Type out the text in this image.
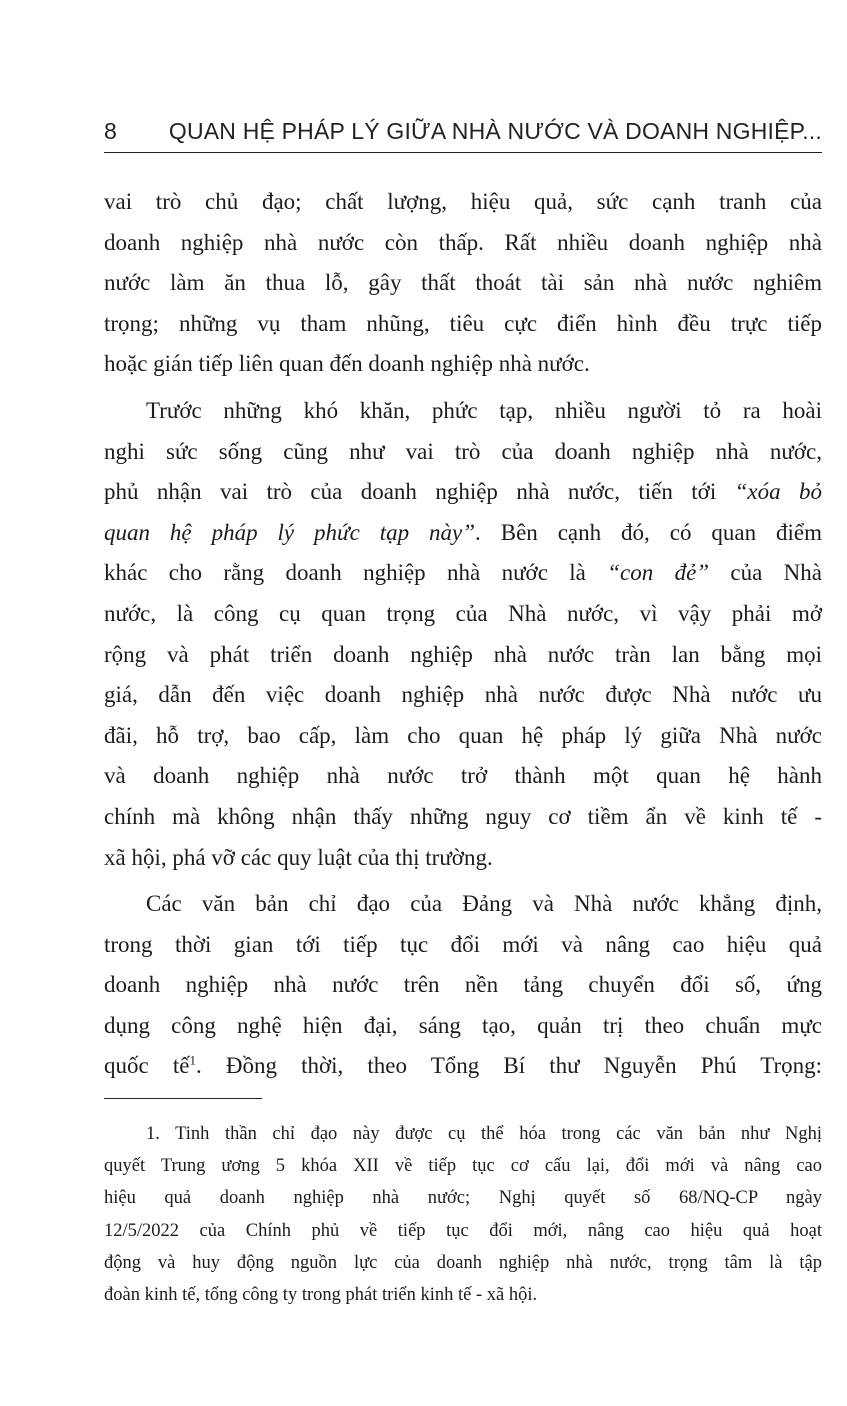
8	QUAN HỆ PHÁP LÝ GIỮA NHÀ NƯỚC VÀ DOANH NGHIỆP...
vai trò chủ đạo; chất lượng, hiệu quả, sức cạnh tranh của
doanh nghiệp nhà nước còn thấp. Rất nhiều doanh nghiệp nhà
nước làm ăn thua lỗ, gây thất thoát tài sản nhà nước nghiêm
trọng; những vụ tham nhũng, tiêu cực điển hình đều trực tiếp
hoặc gián tiếp liên quan đến doanh nghiệp nhà nước.
Trước những khó khăn, phức tạp, nhiều người tỏ ra hoài
nghi sức sống cũng như vai trò của doanh nghiệp nhà nước,
phủ nhận vai trò của doanh nghiệp nhà nước, tiến tới “xóa bỏ
quan hệ pháp lý phức tạp này”. Bên cạnh đó, có quan điểm
khác cho rằng doanh nghiệp nhà nước là “con đẻ” của Nhà
nước, là công cụ quan trọng của Nhà nước, vì vậy phải mở
rộng và phát triển doanh nghiệp nhà nước tràn lan bằng mọi
giá, dẫn đến việc doanh nghiệp nhà nước được Nhà nước ưu
đãi, hỗ trợ, bao cấp, làm cho quan hệ pháp lý giữa Nhà nước
và doanh nghiệp nhà nước trở thành một quan hệ hành
chính mà không nhận thấy những nguy cơ tiềm ẩn về kinh tế -
xã hội, phá vỡ các quy luật của thị trường.
Các văn bản chỉ đạo của Đảng và Nhà nước khẳng định,
trong thời gian tới tiếp tục đổi mới và nâng cao hiệu quả
doanh nghiệp nhà nước trên nền tảng chuyển đổi số, ứng
dụng công nghệ hiện đại, sáng tạo, quản trị theo chuẩn mực
quốc tế$^1$. Đồng thời, theo Tổng Bí thư Nguyễn Phú Trọng:
1. Tinh thần chỉ đạo này được cụ thể hóa trong các văn bản như Nghị
quyết Trung ương 5 khóa XII về tiếp tục cơ cấu lại, đổi mới và nâng cao
hiệu quả doanh nghiệp nhà nước; Nghị quyết số 68/NQ-CP ngày
12/5/2022 của Chính phủ về tiếp tục đổi mới, nâng cao hiệu quả hoạt
động và huy động nguồn lực của doanh nghiệp nhà nước, trọng tâm là tập
đoàn kinh tế, tổng công ty trong phát triển kinh tế - xã hội.
